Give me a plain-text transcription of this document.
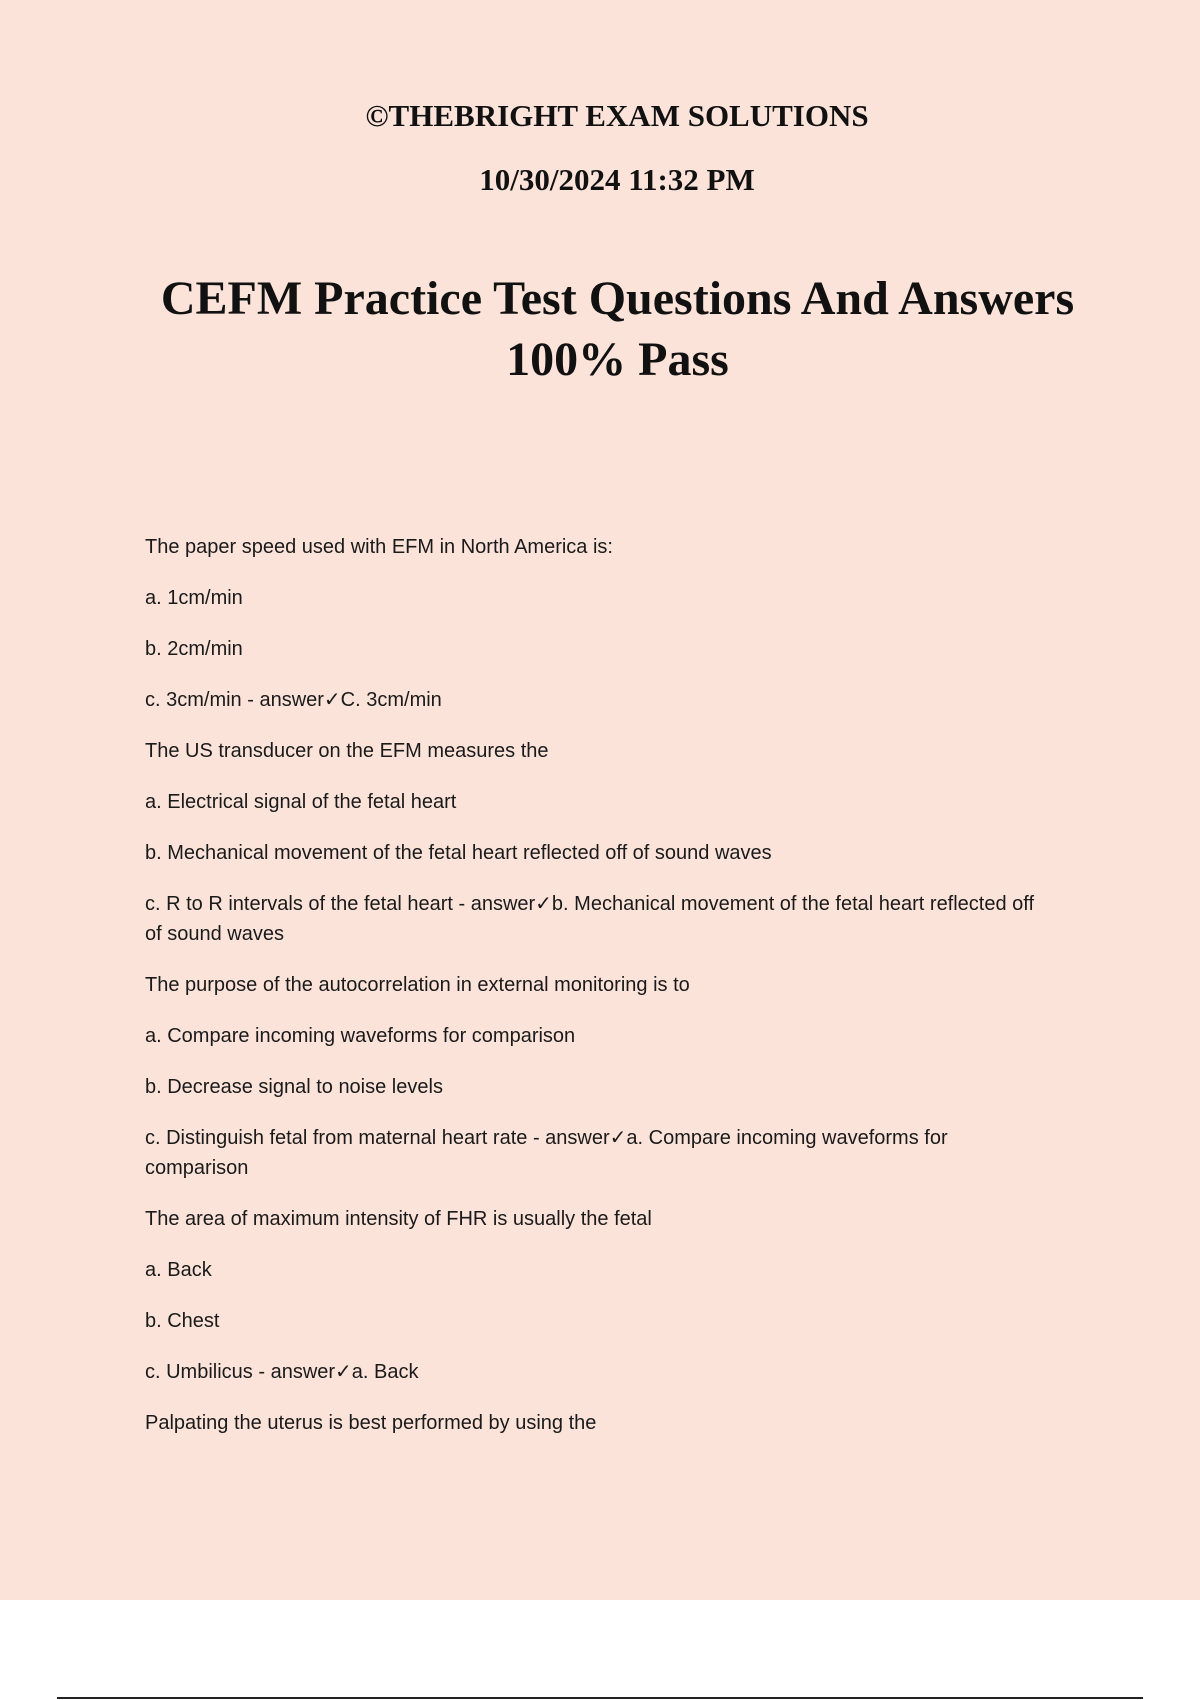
©THEBRIGHT EXAM SOLUTIONS

10/30/2024 11:32 PM

CEFM Practice Test Questions And Answers 100% Pass

The paper speed used with EFM in North America is:

a. 1cm/min

b. 2cm/min

c. 3cm/min - answer✓C. 3cm/min

The US transducer on the EFM measures the

a. Electrical signal of the fetal heart

b. Mechanical movement of the fetal heart reflected off of sound waves

c. R to R intervals of the fetal heart - answer✓b. Mechanical movement of the fetal heart reflected off of sound waves

The purpose of the autocorrelation in external monitoring is to

a. Compare incoming waveforms for comparison

b. Decrease signal to noise levels

c. Distinguish fetal from maternal heart rate - answer✓a. Compare incoming waveforms for comparison

The area of maximum intensity of FHR is usually the fetal

a. Back

b. Chest

c. Umbilicus - answer✓a. Back

Palpating the uterus is best performed by using the
